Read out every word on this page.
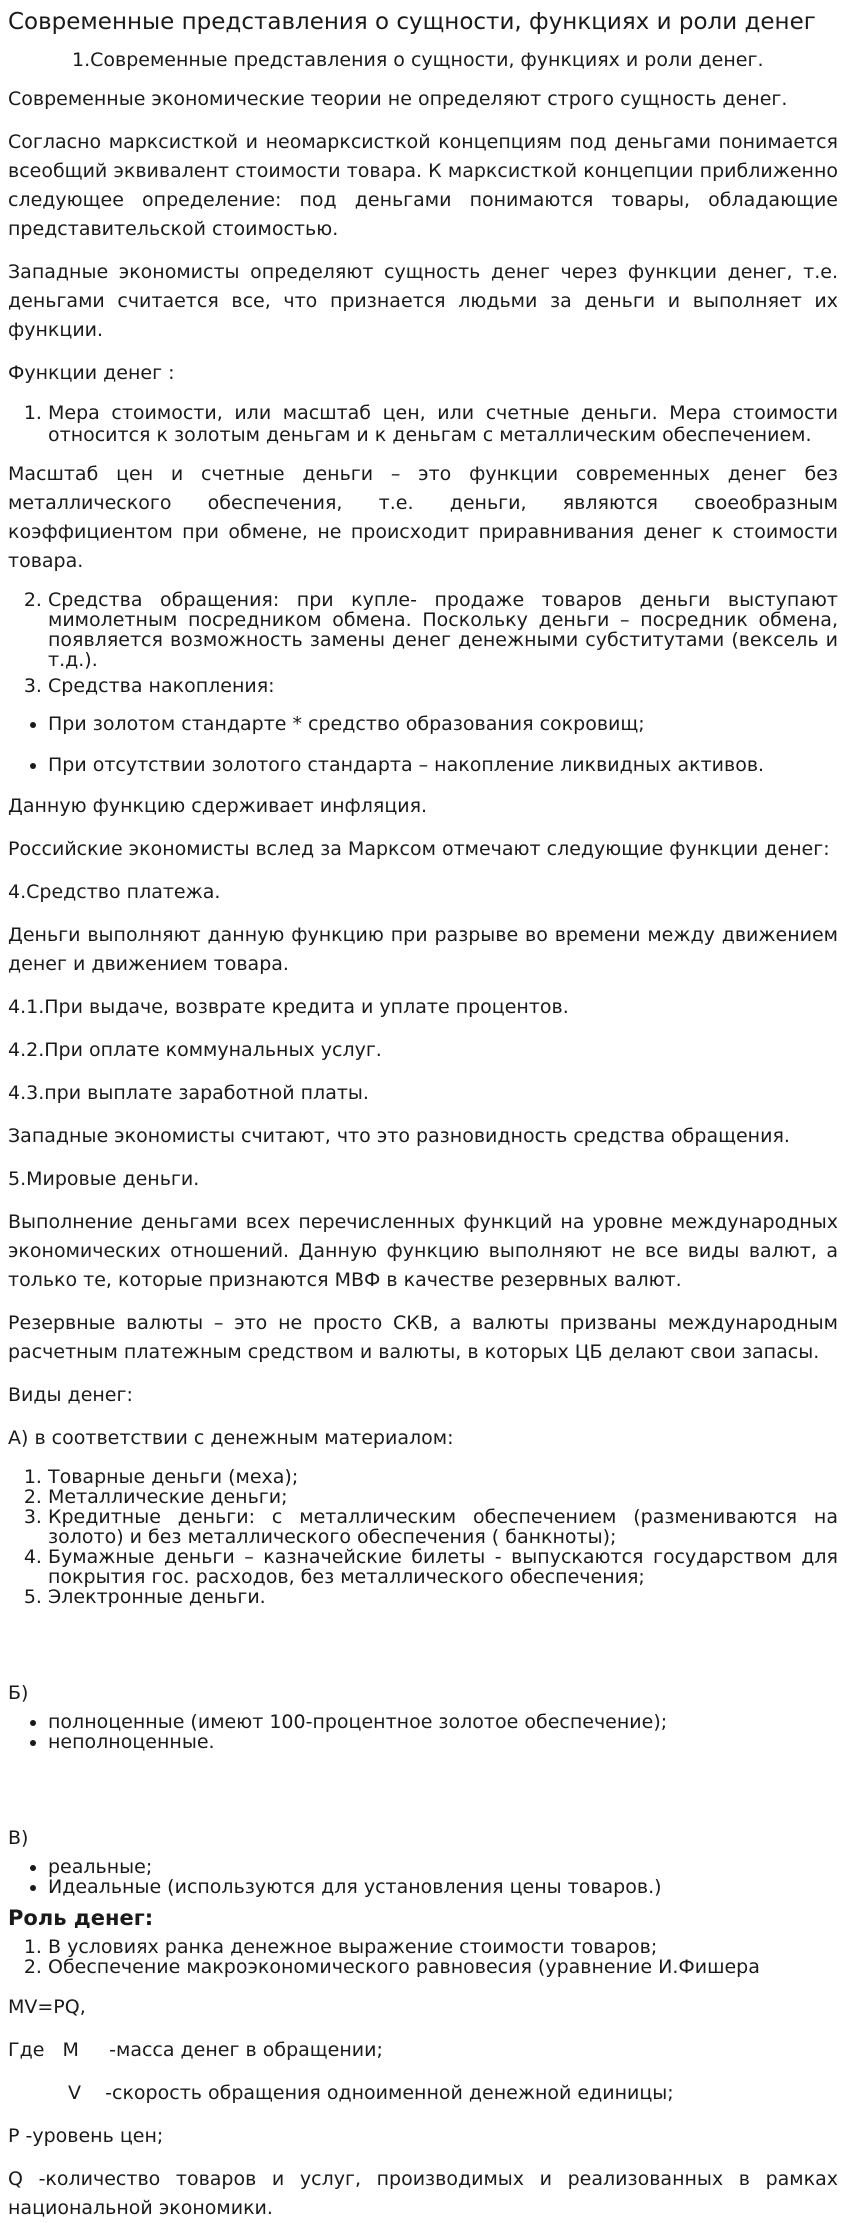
Современные представления о сущности, функциях и роли денег

1.Современные представления о сущности, функциях и роли денег.

Современные экономические теории не определяют строго сущность денег.

Согласно марксисткой и неомарксисткой концепциям под деньгами понимается всеобщий эквивалент стоимости товара. К марксисткой концепции приближенно следующее определение: под деньгами понимаются товары, обладающие представительской стоимостью.

Западные экономисты определяют сущность денег через функции денег, т.е. деньгами считается все, что признается людьми за деньги и выполняет их функции.

Функции денег :

1. Мера стоимости, или масштаб цен, или счетные деньги. Мера стоимости относится к золотым деньгам и к деньгам с металлическим обеспечением.

Масштаб цен и счетные деньги – это функции современных денег без металлического обеспечения, т.е. деньги, являются своеобразным коэффициентом при обмене, не происходит приравнивания денег к стоимости товара.

2. Средства обращения: при купле- продаже товаров деньги выступают мимолетным посредником обмена. Поскольку деньги – посредник обмена, появляется возможность замены денег денежными субститутами (вексель и т.д.).
3. Средства накопления:
• При золотом стандарте * средство образования сокровищ;
• При отсутствии золотого стандарта – накопление ликвидных активов.

Данную функцию сдерживает инфляция.

Российские экономисты вслед за Марксом отмечают следующие функции денег:

4.Средство платежа.

Деньги выполняют данную функцию при разрыве во времени между движением денег и движением товара.

4.1.При выдаче, возврате кредита и уплате процентов.

4.2.При оплате коммунальных услуг.

4.3.при выплате заработной платы.

Западные экономисты считают, что это разновидность средства обращения.

5.Мировые деньги.

Выполнение деньгами всех перечисленных функций на уровне международных экономических отношений. Данную функцию выполняют не все виды валют, а только те, которые признаются МВФ в качестве резервных валют.

Резервные валюты – это не просто СКВ, а валюты призваны международным расчетным платежным средством и валюты, в которых ЦБ делают свои запасы.

Виды денег:

А) в соответствии с денежным материалом:

1. Товарные деньги (меха);
2. Металлические деньги;
3. Кредитные деньги: с металлическим обеспечением (размениваются на золото) и без металлического обеспечения ( банкноты);
4. Бумажные деньги – казначейские билеты - выпускаются государством для покрытия гос. расходов, без металлического обеспечения;
5. Электронные деньги.

Б)

• полноценные (имеют 100-процентное золотое обеспечение);
• неполноценные.

В)

• реальные;
• Идеальные (используются для установления цены товаров.)
Роль денег:
1. В условиях ранка денежное выражение стоимости товаров;
2. Обеспечение макроэкономического равновесия (уравнение И.Фишера

MV=PQ,

Где   M     -масса денег в обращении;

V    -скорость обращения одноименной денежной единицы;

P -уровень цен;

Q -количество товаров и услуг, производимых и реализованных в рамках национальной экономики.
